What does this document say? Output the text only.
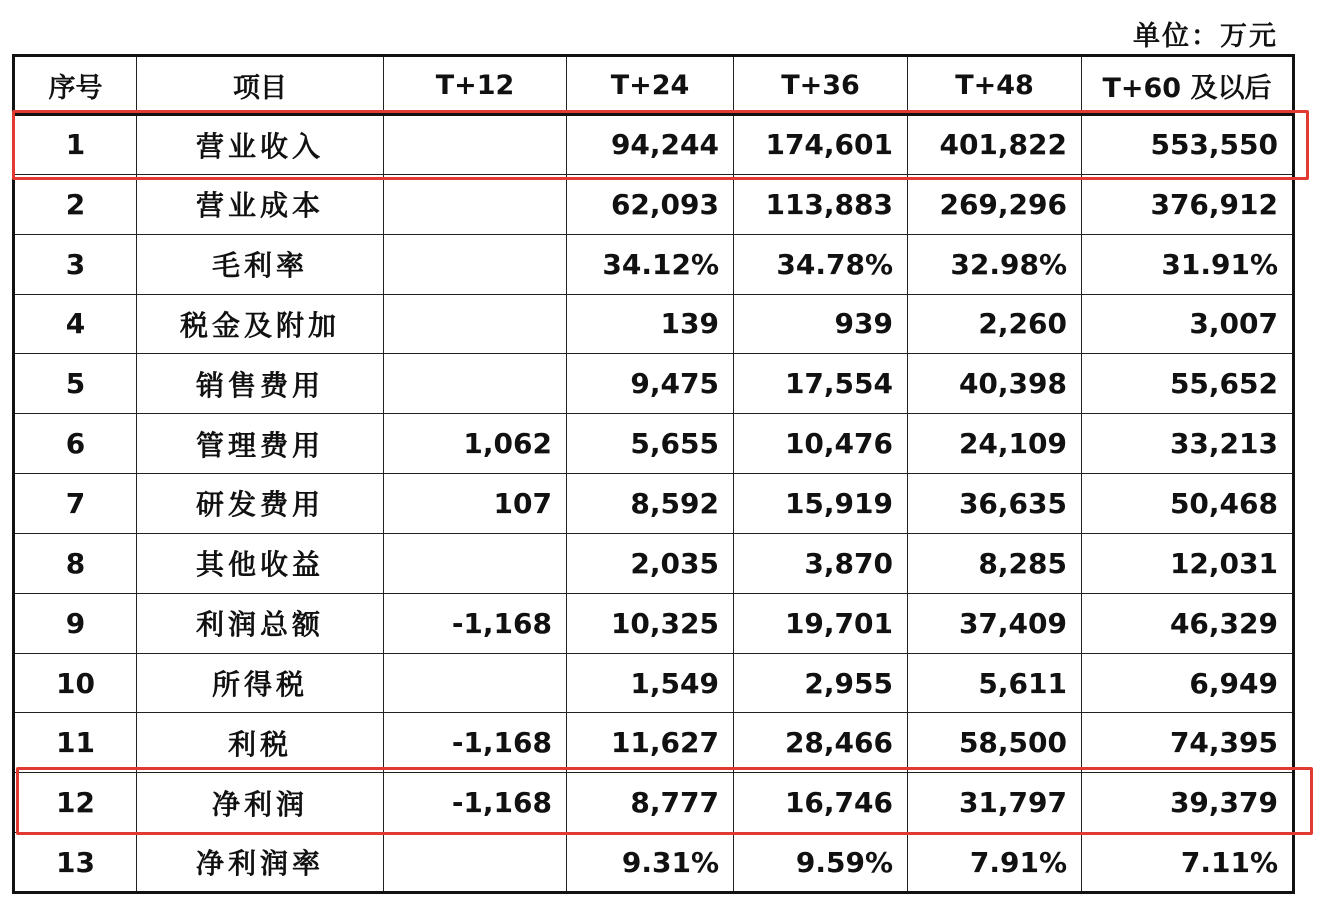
单位：万元
序号	项目	T+12	T+24	T+36	T+48	T+60 及以后
1	营业收入		94,244	174,601	401,822	553,550
2	营业成本		62,093	113,883	269,296	376,912
3	毛利率		34.12%	34.78%	32.98%	31.91%
4	税金及附加		139	939	2,260	3,007
5	销售费用		9,475	17,554	40,398	55,652
6	管理费用	1,062	5,655	10,476	24,109	33,213
7	研发费用	107	8,592	15,919	36,635	50,468
8	其他收益		2,035	3,870	8,285	12,031
9	利润总额	-1,168	10,325	19,701	37,409	46,329
10	所得税		1,549	2,955	5,611	6,949
11	利税	-1,168	11,627	28,466	58,500	74,395
12	净利润	-1,168	8,777	16,746	31,797	39,379
13	净利润率		9.31%	9.59%	7.91%	7.11%
